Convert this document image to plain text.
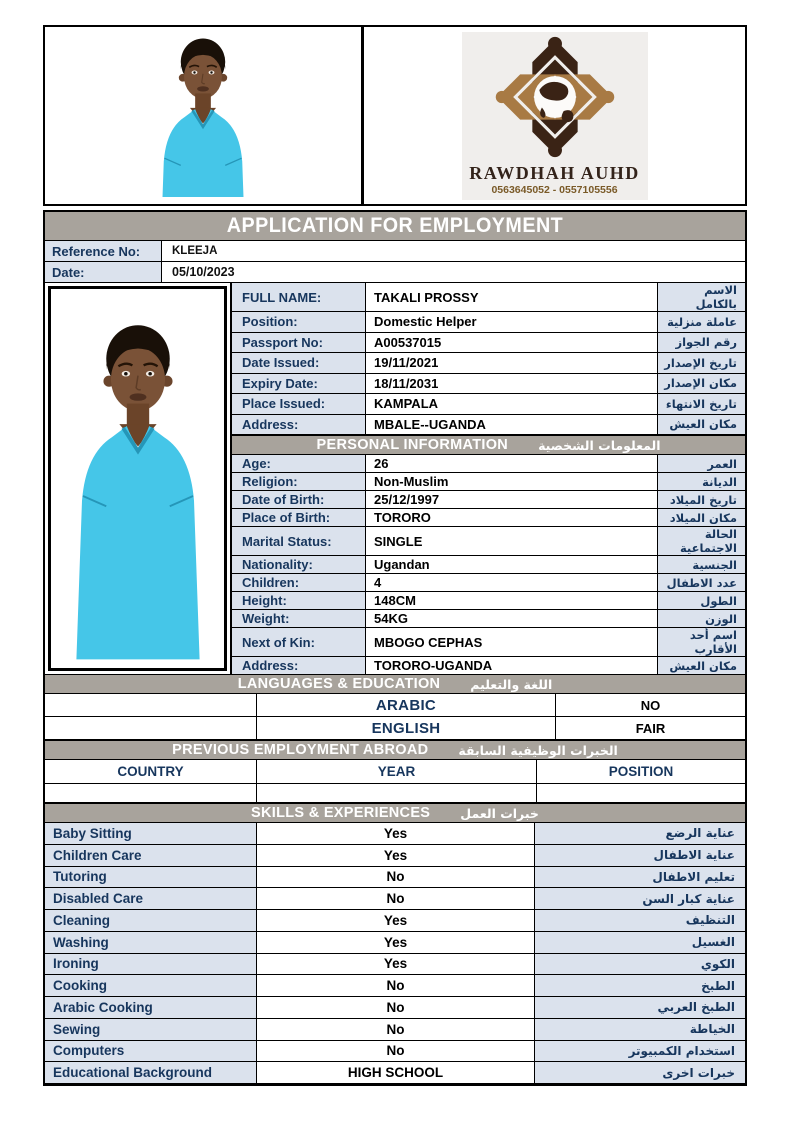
RAWDHAH AUHD
0563645052 - 0557105556
APPLICATION FOR EMPLOYMENT
Reference No:	KLEEJA
Date:	05/10/2023
FULL NAME:	TAKALI PROSSY	الاسم بالكامل
Position:	Domestic Helper	عاملة منزلية
Passport No:	A00537015	رقم الجواز
Date Issued:	19/11/2021	تاريخ الإصدار
Expiry Date:	18/11/2031	مكان الإصدار
Place Issued:	KAMPALA	تاريخ الانتهاء
Address:	MBALE--UGANDA	مكان العيش
PERSONAL INFORMATION المعلومات الشخصية
Age:	26	العمر
Religion:	Non-Muslim	الديانة
Date of Birth:	25/12/1997	تاريخ الميلاد
Place of Birth:	TORORO	مكان الميلاد
Marital Status:	SINGLE	الحالة الاجتماعية
Nationality:	Ugandan	الجنسية
Children:	4	عدد الاطفال
Height:	148CM	الطول
Weight:	54KG	الوزن
Next of Kin:	MBOGO CEPHAS	اسم أحد الأقارب
Address:	TORORO-UGANDA	مكان العيش
LANGUAGES & EDUCATION اللغة والتعليم
ARABIC	NO
ENGLISH	FAIR
PREVIOUS EMPLOYMENT ABROAD الخبرات الوظيفية السابقة
COUNTRY	YEAR	POSITION
SKILLS & EXPERIENCES خبرات العمل
Baby Sitting	Yes	عناية الرضع
Children Care	Yes	عناية الاطفال
Tutoring	No	تعليم الاطفال
Disabled Care	No	عناية كبار السن
Cleaning	Yes	التنظيف
Washing	Yes	الغسيل
Ironing	Yes	الكوي
Cooking	No	الطبخ
Arabic Cooking	No	الطبخ العربي
Sewing	No	الخياطة
Computers	No	استخدام الكمبيوتر
Educational Background	HIGH SCHOOL	خبرات اخرى
